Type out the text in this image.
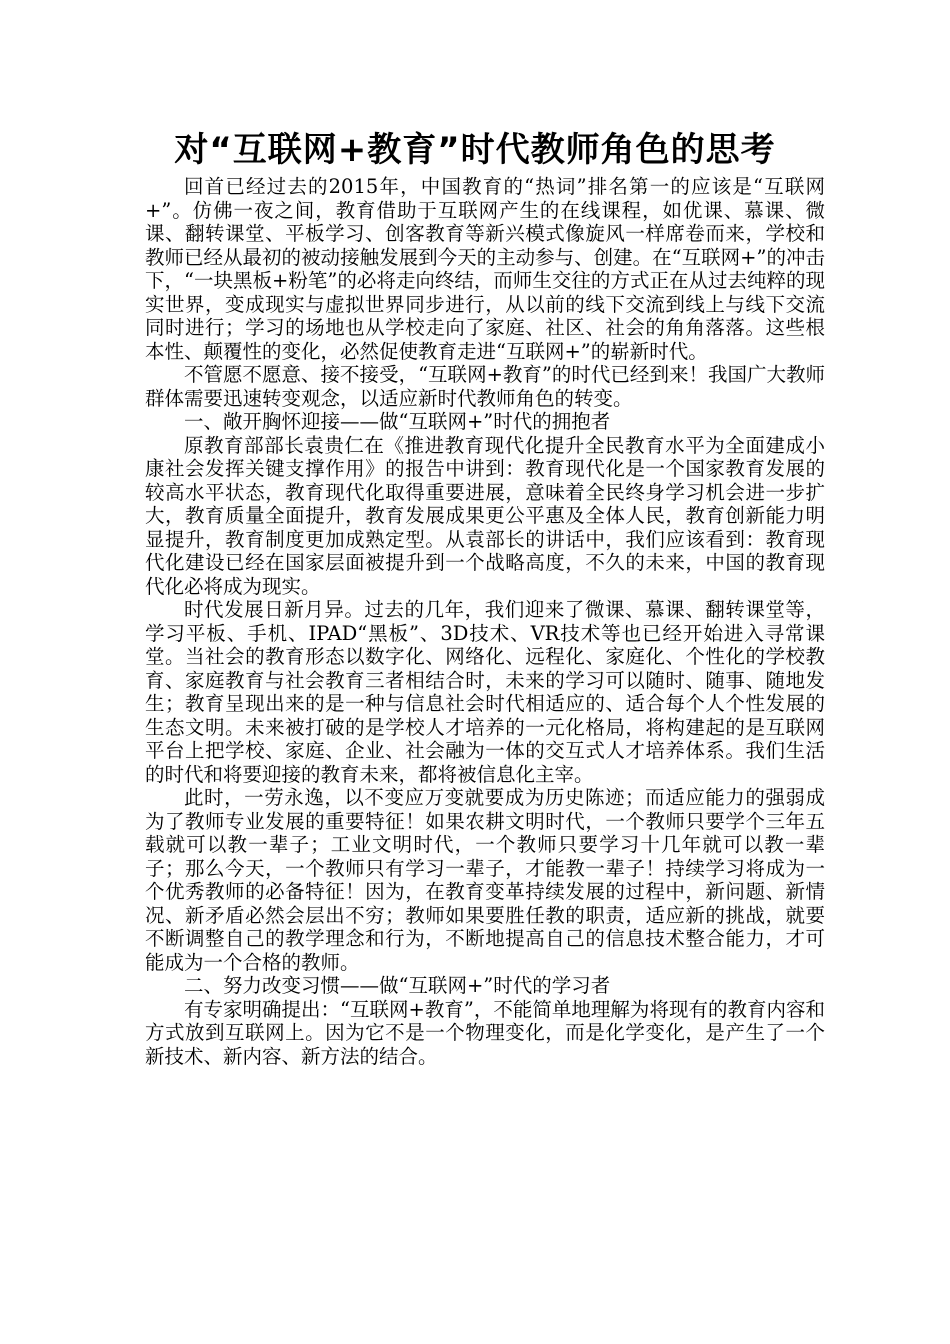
对“互联网+教育”时代教师角色的思考

回首已经过去的2015年，中国教育的“热词”排名第一的应该是“互联网+”。仿佛一夜之间，教育借助于互联网产生的在线课程，如优课、慕课、微课、翻转课堂、平板学习、创客教育等新兴模式像旋风一样席卷而来，学校和教师已经从最初的被动接触发展到今天的主动参与、创建。在“互联网+”的冲击下，“一块黑板+粉笔”的必将走向终结，而师生交往的方式正在从过去纯粹的现实世界，变成现实与虚拟世界同步进行，从以前的线下交流到线上与线下交流同时进行；学习的场地也从学校走向了家庭、社区、社会的角角落落。这些根本性、颠覆性的变化，必然促使教育走进“互联网+”的崭新时代。

不管愿不愿意、接不接受，“互联网+教育”的时代已经到来！我国广大教师群体需要迅速转变观念，以适应新时代教师角色的转变。

一、敞开胸怀迎接——做“互联网+”时代的拥抱者

原教育部部长袁贵仁在《推进教育现代化提升全民教育水平为全面建成小康社会发挥关键支撑作用》的报告中讲到：教育现代化是一个国家教育发展的较高水平状态，教育现代化取得重要进展，意味着全民终身学习机会进一步扩大，教育质量全面提升，教育发展成果更公平惠及全体人民，教育创新能力明显提升，教育制度更加成熟定型。从袁部长的讲话中，我们应该看到：教育现代化建设已经在国家层面被提升到一个战略高度，不久的未来，中国的教育现代化必将成为现实。

时代发展日新月异。过去的几年，我们迎来了微课、慕课、翻转课堂等，学习平板、手机、IPAD“黑板”、3D技术、VR技术等也已经开始进入寻常课堂。当社会的教育形态以数字化、网络化、远程化、家庭化、个性化的学校教育、家庭教育与社会教育三者相结合时，未来的学习可以随时、随事、随地发生；教育呈现出来的是一种与信息社会时代相适应的、适合每个人个性发展的生态文明。未来被打破的是学校人才培养的一元化格局，将构建起的是互联网平台上把学校、家庭、企业、社会融为一体的交互式人才培养体系。我们生活的时代和将要迎接的教育未来，都将被信息化主宰。

此时，一劳永逸，以不变应万变就要成为历史陈迹；而适应能力的强弱成为了教师专业发展的重要特征！如果农耕文明时代，一个教师只要学个三年五载就可以教一辈子；工业文明时代，一个教师只要学习十几年就可以教一辈子；那么今天，一个教师只有学习一辈子，才能教一辈子！持续学习将成为一个优秀教师的必备特征！因为，在教育变革持续发展的过程中，新问题、新情况、新矛盾必然会层出不穷；教师如果要胜任教的职责，适应新的挑战，就要不断调整自己的教学理念和行为，不断地提高自己的信息技术整合能力，才可能成为一个合格的教师。

二、努力改变习惯——做“互联网+”时代的学习者

有专家明确提出：“互联网+教育”，不能简单地理解为将现有的教育内容和方式放到互联网上。因为它不是一个物理变化，而是化学变化，是产生了一个新技术、新内容、新方法的结合。
